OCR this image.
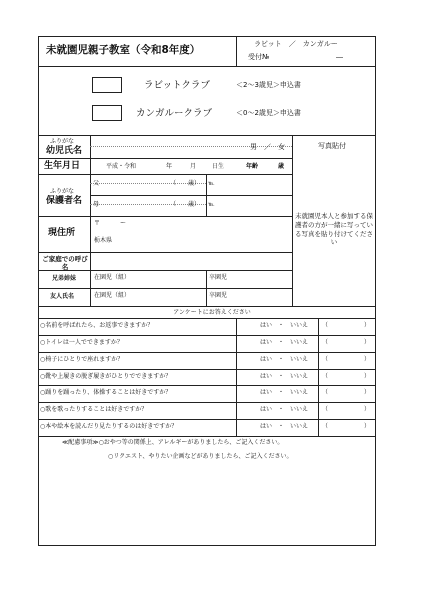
未就園児親子教室（令和8年度）	ラビット　／　カンガルー
受付№	―
ラビットクラブ	＜2～3歳児＞申込書
カンガルークラブ	＜0～2歳児＞申込書
ふりがな
幼児氏名	男　／　女	写真貼付
生年月日	平成・令和	年	月	日生	年齢	歳
ふりがな
保護者名
父	（ 歳） ℡
母	（ 歳） ℡
現住所
〒	ー
栃木県
ご家庭での呼び名
未就園児本人と参加する保護者の方が一緒に写っている写真を貼り付けてください
兄弟姉妹	在園児（組）	卒園児
友人氏名	在園児（組）	卒園児
アンケートにお答えください
○名前を呼ばれたら、お返事できますか？	はい　・　いいえ （	）
○トイレは一人でできますか？	はい　・　いいえ （	）
○椅子にひとりで座れますか？	はい　・　いいえ （	）
○靴や上履きの脱ぎ履きがひとりでできますか？	はい　・　いいえ （	）
○踊りを踊ったり、体操することは好きですか？	はい　・　いいえ （	）
○歌を歌ったりすることは好きですか？	はい　・　いいえ （	）
○本や絵本を読んだり見たりするのは好きですか？	はい　・　いいえ （	）
≪配慮事項≫○おやつ等の関係上、アレルギーがありましたら、ご記入ください。
○リクエスト、やりたい企画などがありましたら、ご記入ください。
